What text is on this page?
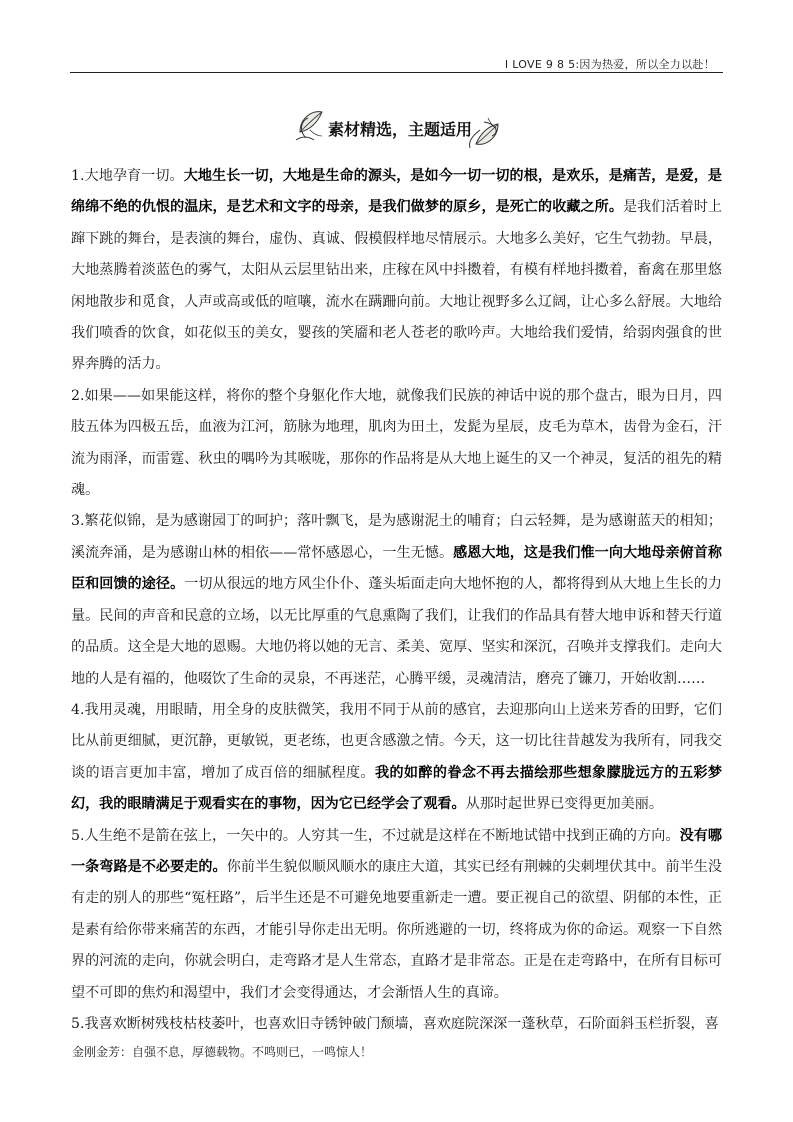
I LOVE 9 8 5:因为热爱，所以全力以赴！
素材精选，主题适用

1.大地孕育一切。大地生长一切，大地是生命的源头，是如今一切一切的根，是欢乐，是痛苦，是爱，是绵绵不绝的仇恨的温床，是艺术和文字的母亲，是我们做梦的原乡，是死亡的收藏之所。是我们活着时上蹿下跳的舞台，是表演的舞台，虚伪、真诚、假模假样地尽情展示。大地多么美好，它生气勃勃。早晨，大地蒸腾着淡蓝色的雾气，太阳从云层里钻出来，庄稼在风中抖擞着，有模有样地抖擞着，畜禽在那里悠闲地散步和觅食，人声或高或低的喧嚷，流水在蹒跚向前。大地让视野多么辽阔，让心多么舒展。大地给我们喷香的饮食，如花似玉的美女，婴孩的笑靥和老人苍老的歌吟声。大地给我们爱情，给弱肉强食的世界奔腾的活力。

2.如果——如果能这样，将你的整个身躯化作大地，就像我们民族的神话中说的那个盘古，眼为日月，四肢五体为四极五岳，血液为江河，筋脉为地理，肌肉为田土，发髭为星辰，皮毛为草木，齿骨为金石，汗流为雨泽，而雷霆、秋虫的喁吟为其喉咙，那你的作品将是从大地上诞生的又一个神灵，复活的祖先的精魂。

3.繁花似锦，是为感谢园丁的呵护；落叶飘飞，是为感谢泥土的哺育；白云轻舞，是为感谢蓝天的相知；溪流奔涌，是为感谢山林的相依——常怀感恩心，一生无憾。感恩大地，这是我们惟一向大地母亲俯首称臣和回馈的途径。一切从很远的地方风尘仆仆、蓬头垢面走向大地怀抱的人，都将得到从大地上生长的力量。民间的声音和民意的立场，以无比厚重的气息熏陶了我们，让我们的作品具有替大地申诉和替天行道的品质。这全是大地的恩赐。大地仍将以她的无言、柔美、宽厚、坚实和深沉，召唤并支撑我们。走向大地的人是有福的，他啜饮了生命的灵泉，不再迷茫，心腾平缓，灵魂清洁，磨亮了镰刀，开始收割……

4.我用灵魂，用眼睛，用全身的皮肤微笑，我用不同于从前的感官，去迎那向山上送来芳香的田野，它们比从前更细腻，更沉静，更敏锐，更老练，也更含感激之情。今天，这一切比往昔越发为我所有，同我交谈的语言更加丰富，增加了成百倍的细腻程度。我的如醉的眷念不再去描绘那些想象朦胧远方的五彩梦幻，我的眼睛满足于观看实在的事物，因为它已经学会了观看。从那时起世界已变得更加美丽。

5.人生绝不是箭在弦上，一矢中的。人穷其一生，不过就是这样在不断地试错中找到正确的方向。没有哪一条弯路是不必要走的。你前半生貌似顺风顺水的康庄大道，其实已经有荆棘的尖刺埋伏其中。前半生没有走的别人的那些“冤枉路”，后半生还是不可避免地要重新走一遭。要正视自己的欲望、阴郁的本性，正是素有给你带来痛苦的东西，才能引导你走出无明。你所逃避的一切，终将成为你的命运。观察一下自然界的河流的走向，你就会明白，走弯路才是人生常态，直路才是非常态。正是在走弯路中，在所有目标可望不可即的焦灼和渴望中，我们才会变得通达，才会渐悟人生的真谛。

5.我喜欢断树残枝枯枝萎叶，也喜欢旧寺锈钟破门颓墙，喜欢庭院深深一蓬秋草，石阶面斜玉栏折裂，喜

金刚金芳：自强不息，厚德载物。不鸣则已，一鸣惊人！
